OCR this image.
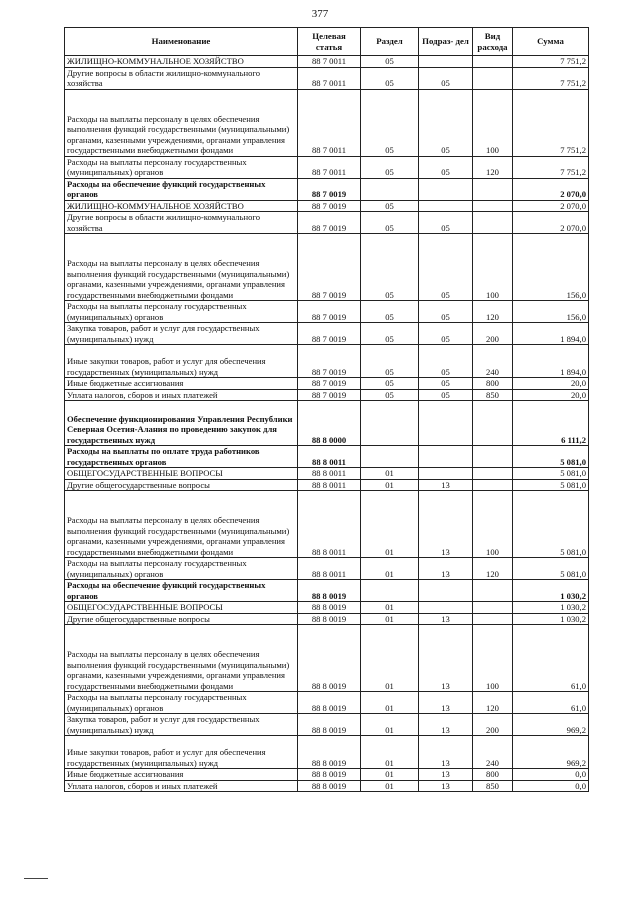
377
Наименование	Целевая статья	Раздел	Подраз- дел	Вид расхода	Сумма
ЖИЛИЩНО-КОММУНАЛЬНОЕ ХОЗЯЙСТВО	88 7 0011	05			7 751,2
Другие вопросы в области жилищно-коммунального хозяйства	88 7 0011	05	05		7 751,2
Расходы на выплаты персоналу в целях обеспечения выполнения функций государственными (муниципальными) органами, казенными учреждениями, органами управления государственными внебюджетными фондами	88 7 0011	05	05	100	7 751,2
Расходы на выплаты персоналу государственных (муниципальных) органов	88 7 0011	05	05	120	7 751,2
Расходы на обеспечение функций государственных органов	88 7 0019				2 070,0
ЖИЛИЩНО-КОММУНАЛЬНОЕ ХОЗЯЙСТВО	88 7 0019	05			2 070,0
Другие вопросы в области жилищно-коммунального хозяйства	88 7 0019	05	05		2 070,0
Расходы на выплаты персоналу в целях обеспечения выполнения функций государственными (муниципальными) органами, казенными учреждениями, органами управления государственными внебюджетными фондами	88 7 0019	05	05	100	156,0
Расходы на выплаты персоналу государственных (муниципальных) органов	88 7 0019	05	05	120	156,0
Закупка товаров, работ и услуг для государственных (муниципальных) нужд	88 7 0019	05	05	200	1 894,0
Иные закупки товаров, работ и услуг для обеспечения государственных (муниципальных) нужд	88 7 0019	05	05	240	1 894,0
Иные бюджетные ассигнования	88 7 0019	05	05	800	20,0
Уплата налогов, сборов и иных платежей	88 7 0019	05	05	850	20,0
Обеспечение функционирования Управления Республики Северная Осетия-Алания по проведению закупок для государственных нужд	88 8 0000				6 111,2
Расходы на выплаты по оплате труда работников государственных органов	88 8 0011				5 081,0
ОБЩЕГОСУДАРСТВЕННЫЕ ВОПРОСЫ	88 8 0011	01			5 081,0
Другие общегосударственные вопросы	88 8 0011	01	13		5 081,0
Расходы на выплаты персоналу в целях обеспечения выполнения функций государственными (муниципальными) органами, казенными учреждениями, органами управления государственными внебюджетными фондами	88 8 0011	01	13	100	5 081,0
Расходы на выплаты персоналу государственных (муниципальных) органов	88 8 0011	01	13	120	5 081,0
Расходы на обеспечение функций государственных органов	88 8 0019				1 030,2
ОБЩЕГОСУДАРСТВЕННЫЕ ВОПРОСЫ	88 8 0019	01			1 030,2
Другие общегосударственные вопросы	88 8 0019	01	13		1 030,2
Расходы на выплаты персоналу в целях обеспечения выполнения функций государственными (муниципальными) органами, казенными учреждениями, органами управления государственными внебюджетными фондами	88 8 0019	01	13	100	61,0
Расходы на выплаты персоналу государственных (муниципальных) органов	88 8 0019	01	13	120	61,0
Закупка товаров, работ и услуг для государственных (муниципальных) нужд	88 8 0019	01	13	200	969,2
Иные закупки товаров, работ и услуг для обеспечения государственных (муниципальных) нужд	88 8 0019	01	13	240	969,2
Иные бюджетные ассигнования	88 8 0019	01	13	800	0,0
Уплата налогов, сборов и иных платежей	88 8 0019	01	13	850	0,0
